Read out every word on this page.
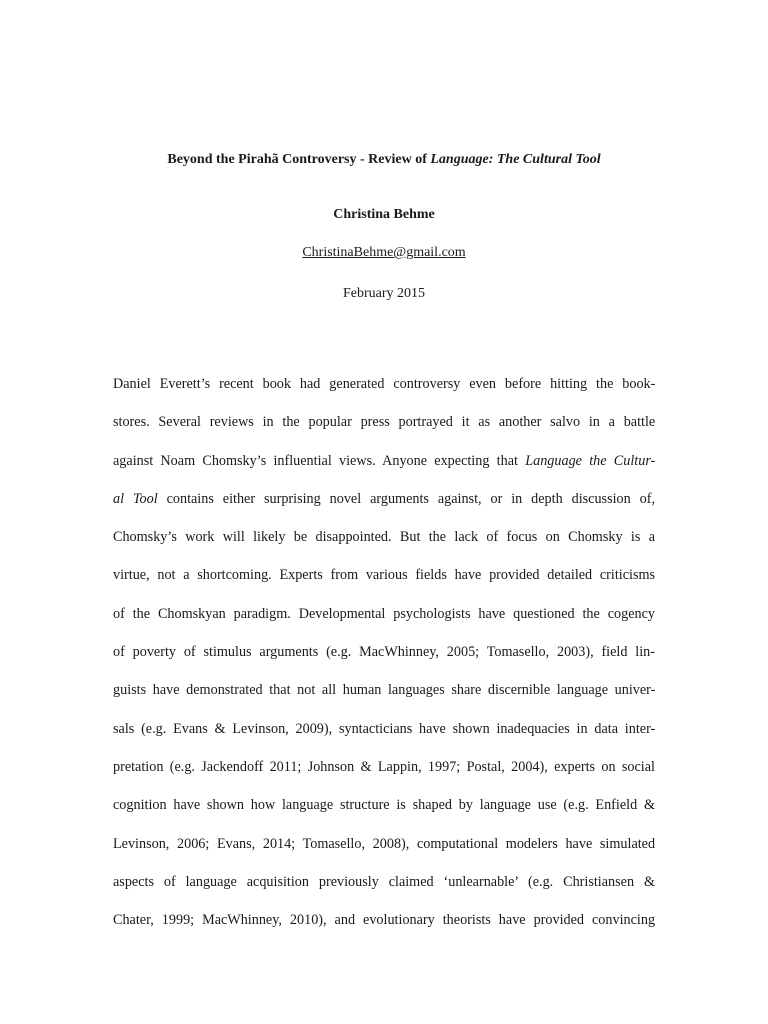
Beyond the Pirahã Controversy - Review of Language: The Cultural Tool
Christina Behme
ChristinaBehme@gmail.com
February 2015
Daniel Everett’s recent book had generated controversy even before hitting the book-
stores. Several reviews in the popular press portrayed it as another salvo in a battle
against Noam Chomsky’s influential views. Anyone expecting that Language the Cultur-
al Tool contains either surprising novel arguments against, or in depth discussion of,
Chomsky’s work will likely be disappointed. But the lack of focus on Chomsky is a
virtue, not a shortcoming. Experts from various fields have provided detailed criticisms
of the Chomskyan paradigm. Developmental psychologists have questioned the cogency
of poverty of stimulus arguments (e.g. MacWhinney, 2005; Tomasello, 2003), field lin-
guists have demonstrated that not all human languages share discernible language univer-
sals (e.g. Evans & Levinson, 2009), syntacticians have shown inadequacies in data inter-
pretation (e.g. Jackendoff 2011; Johnson & Lappin, 1997; Postal, 2004), experts on social
cognition have shown how language structure is shaped by language use (e.g. Enfield &
Levinson, 2006; Evans, 2014; Tomasello, 2008), computational modelers have simulated
aspects of language acquisition previously claimed ‘unlearnable’ (e.g. Christiansen &
Chater, 1999; MacWhinney, 2010), and evolutionary theorists have provided convincing
